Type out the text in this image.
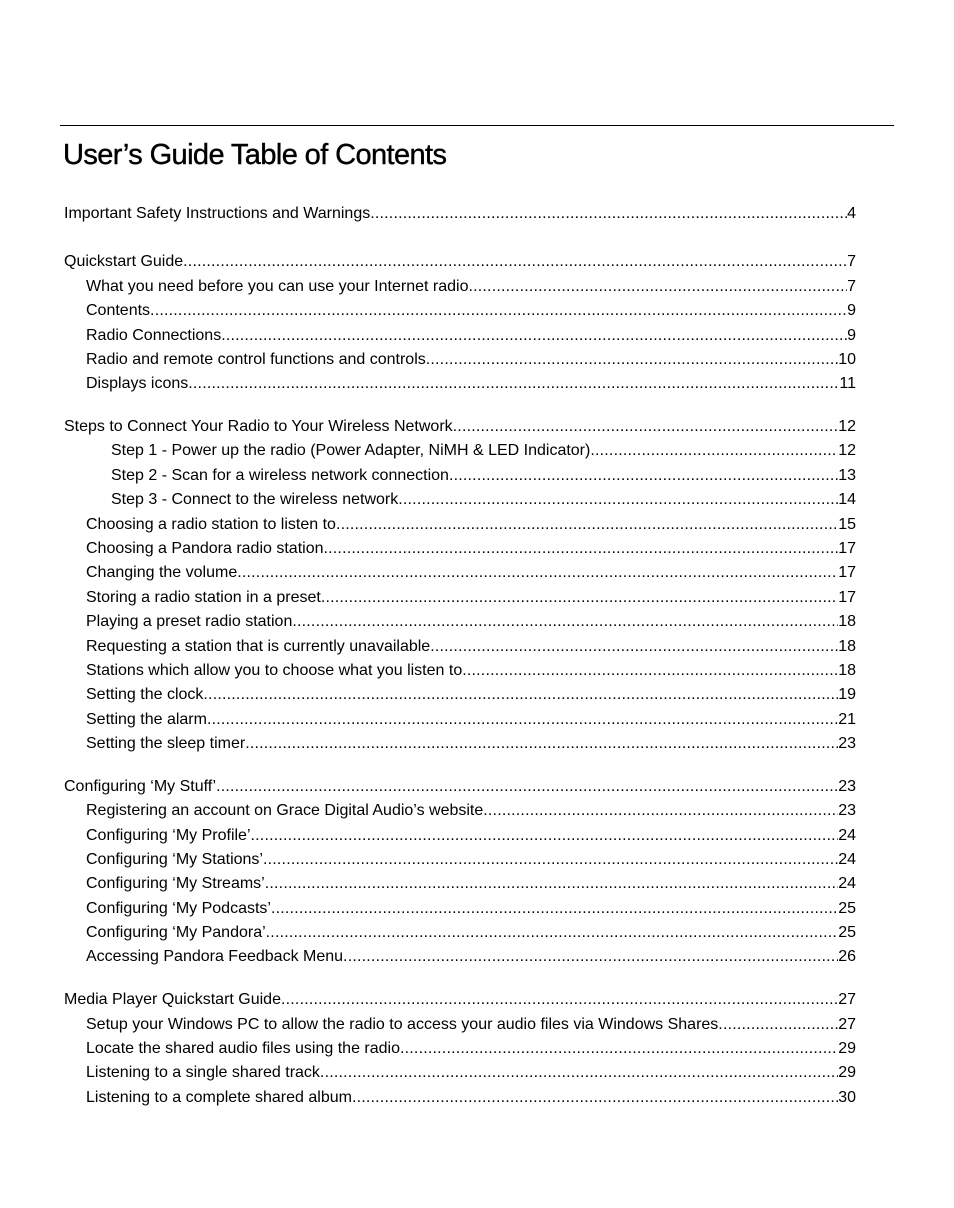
User’s Guide Table of Contents
Important Safety Instructions and Warnings .....	4
Quickstart Guide .....	7
What you need before you can use your Internet radio .....	7
Contents .....	9
Radio Connections .....	9
Radio and remote control functions and controls .....	10
Displays icons .....	11
Steps to Connect Your Radio to Your Wireless Network .....	12
Step 1 - Power up the radio (Power Adapter, NiMH & LED Indicator) .....	12
Step 2 - Scan for a wireless network connection .....	13
Step 3 - Connect to the wireless network .....	14
Choosing a radio station to listen to .....	15
Choosing a Pandora radio station .....	17
Changing the volume .....	17
Storing a radio station in a preset .....	17
Playing a preset radio station .....	18
Requesting a station that is currently unavailable .....	18
Stations which allow you to choose what you listen to .....	18
Setting the clock .....	19
Setting the alarm .....	21
Setting the sleep timer .....	23
Configuring ‘My Stuff’ .....	23
Registering an account on Grace Digital Audio’s website .....	23
Configuring ‘My Profile’ .....	24
Configuring ‘My Stations’ .....	24
Configuring ‘My Streams’ .....	24
Configuring ‘My Podcasts’ .....	25
Configuring ‘My Pandora’ .....	25
Accessing Pandora Feedback Menu .....	26
Media Player Quickstart Guide .....	27
Setup your Windows PC to allow the radio to access your audio files via Windows Shares .....	27
Locate the shared audio files using the radio .....	29
Listening to a single shared track .....	29
Listening to a complete shared album .....	30
